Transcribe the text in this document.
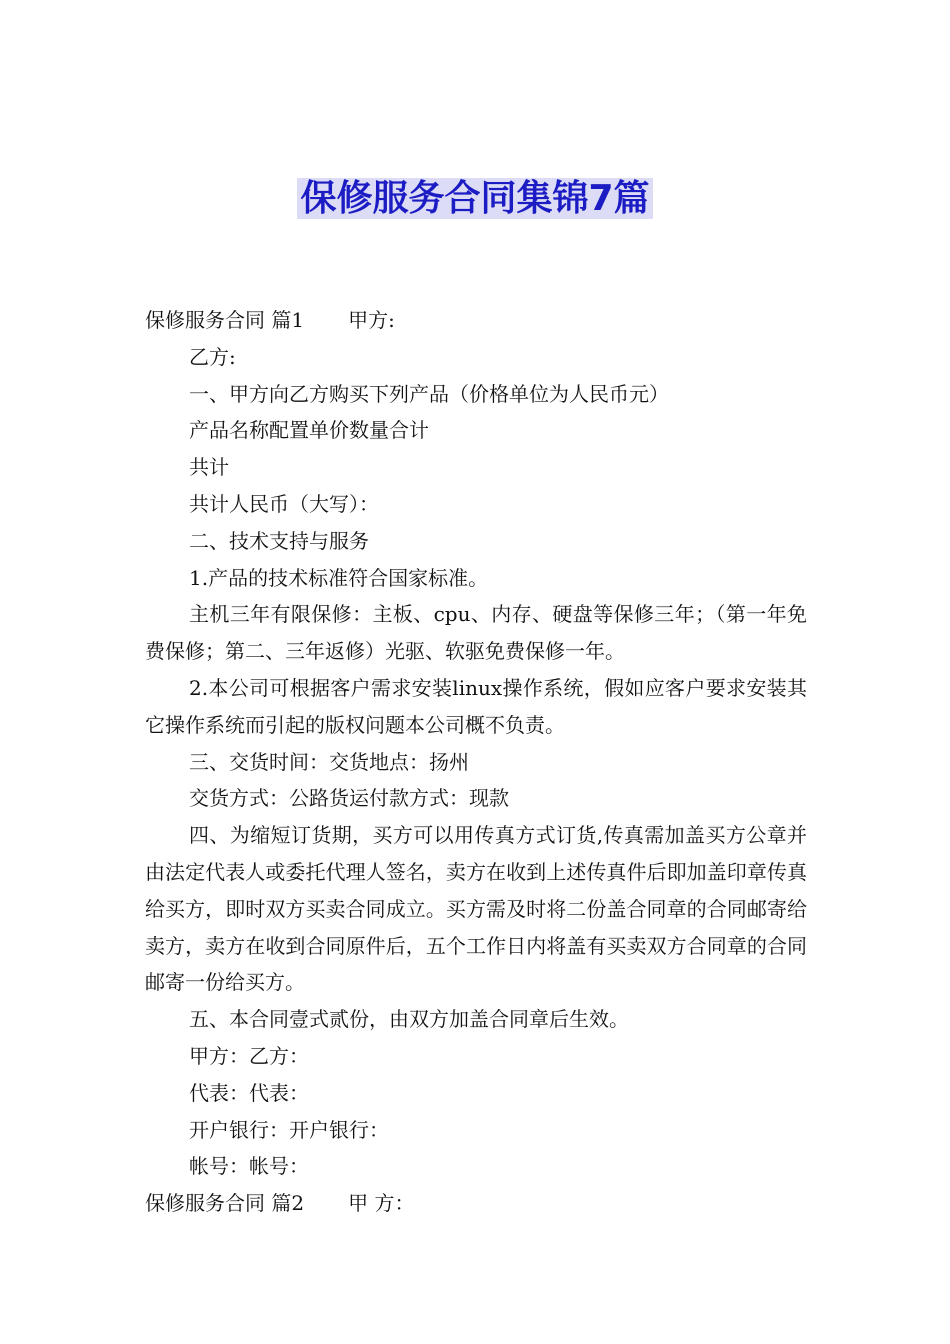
保修服务合同集锦7篇
保修服务合同 篇1 甲方:

乙方:

一、甲方向乙方购买下列产品（价格单位为人民币元）

产品名称配置单价数量合计

共计

共计人民币（大写）：

二、技术支持与服务

1.产品的技术标准符合国家标准。

主机三年有限保修：主板、cpu、内存、硬盘等保修三年；（第一年免费保修；第二、三年返修）光驱、软驱免费保修一年。

2.本公司可根据客户需求安装linux操作系统，假如应客户要求安装其它操作系统而引起的版权问题本公司概不负责。

三、交货时间：交货地点：扬州

交货方式：公路货运付款方式：现款

四、为缩短订货期，买方可以用传真方式订货,传真需加盖买方公章并由法定代表人或委托代理人签名，卖方在收到上述传真件后即加盖印章传真给买方，即时双方买卖合同成立。买方需及时将二份盖合同章的合同邮寄给卖方，卖方在收到合同原件后，五个工作日内将盖有买卖双方合同章的合同邮寄一份给买方。

五、本合同壹式贰份，由双方加盖合同章后生效。

甲方：乙方：

代表：代表：

开户银行：开户银行：

帐号：帐号：

保修服务合同 篇2 甲 方：
